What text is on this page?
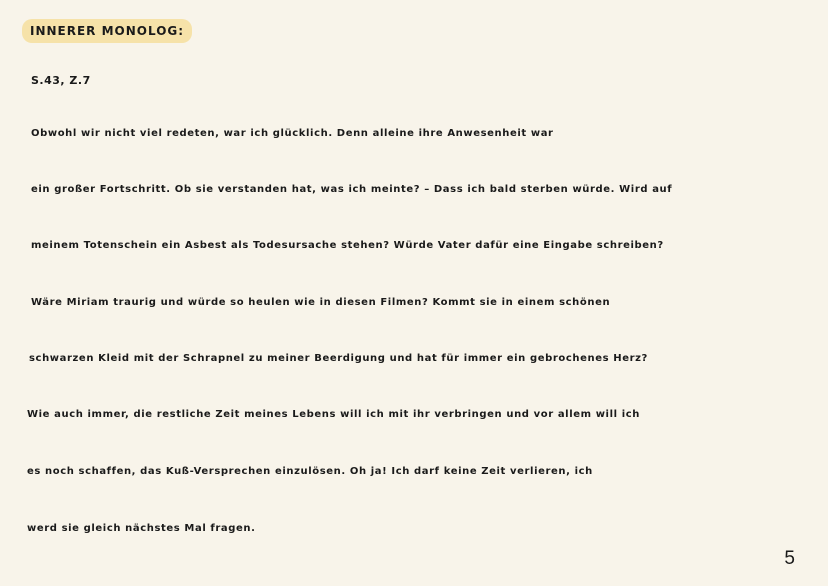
INNERER MONOLOG:
S.43, Z.7
Obwohl wir nicht viel redeten, war ich glücklich. Denn alleine ihre Anwesenheit war
ein großer Fortschritt. Ob sie verstanden hat, was ich meinte? – Dass ich bald sterben würde. Wird auf
meinem Totenschein ein Asbest als Todesursache stehen? Würde Vater dafür eine Eingabe schreiben?
Wäre Miriam traurig und würde so heulen wie in diesen Filmen? Kommt sie in einem schönen
schwarzen Kleid mit der Schrapnel zu meiner Beerdigung und hat für immer ein gebrochenes Herz?
Wie auch immer, die restliche Zeit meines Lebens will ich mit ihr verbringen und vor allem will ich
es noch schaffen, das Kuß-Versprechen einzulösen. Oh ja! Ich darf keine Zeit verlieren, ich
werd sie gleich nächstes Mal fragen.
5
